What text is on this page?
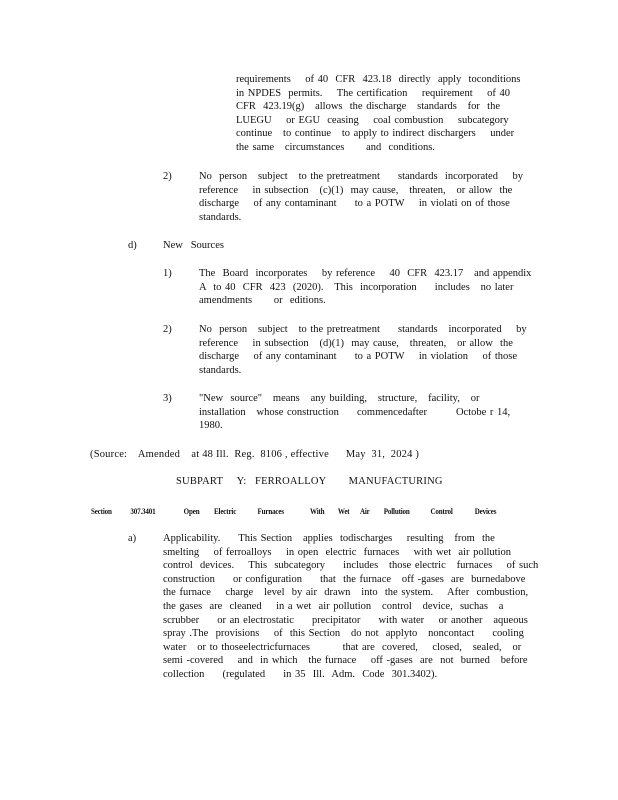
requirements    of 40  CFR  423.18  directly  apply  toconditions
in NPDES  permits.    The certification    requirement    of 40
CFR  423.19(g)   allows  the discharge   standards   for  the
LUEGU    or EGU  ceasing    coal combustion    subcategory
continue   to continue   to apply to indirect dischargers    under
the same   circumstances      and  conditions.
2)	No  person   subject   to the pretreatment     standards  incorporated    by
reference    in subsection   (c)(1)  may cause,   threaten,   or allow  the
discharge    of any contaminant     to a POTW    in violati on of those
standards.
d)	New   Sources
1)	The  Board  incorporates    by reference    40  CFR  423.17   and appendix
A  to 40  CFR  423  (2020).   This  incorporation     includes   no later
amendments      or  editions.
2)	No  person   subject   to the pretreatment     standards   incorporated    by
reference    in subsection   (d)(1)  may cause,   threaten,   or allow  the
discharge    of any contaminant     to a POTW    in violation    of those
standards.
3)	"New  source"   means   any building,   structure,   facility,   or
installation   whose construction     commencedafter        Octobe r 14,
1980.
(Source:    Amended    at 48 Ill.  Reg.  8106 , effective      May  31,  2024 )
SUBPART     Y:   FERROALLOY        MANUFACTURING
Section 307.3401	Open Electric Furnaces	With Wet Air Pollution Control	Devices
a)	Applicability.     This Section   applies  todischarges    resulting   from  the
smelting    of ferroalloys    in open  electric  furnaces    with wet  air pollution
control  devices.    This  subcategory     includes   those electric   furnaces    of such
construction     or configuration     that  the furnace   off -gases  are  burnedabove
the furnace    charge   level  by air  drawn   into  the system.    After  combustion,
the gases  are  cleaned    in a wet  air pollution   control   device,  suchas   a
scrubber     or an electrostatic     precipitator     with water    or another   aqueous
spray .The  provisions    of  this Section   do not  applyto   noncontact     cooling
water   or to thoseelectricfurnaces         that are  covered,    closed,   sealed,   or
semi -covered    and  in which   the furnace    off -gases  are  not  burned   before
collection     (regulated     in 35  Ill.  Adm.  Code  301.3402).
